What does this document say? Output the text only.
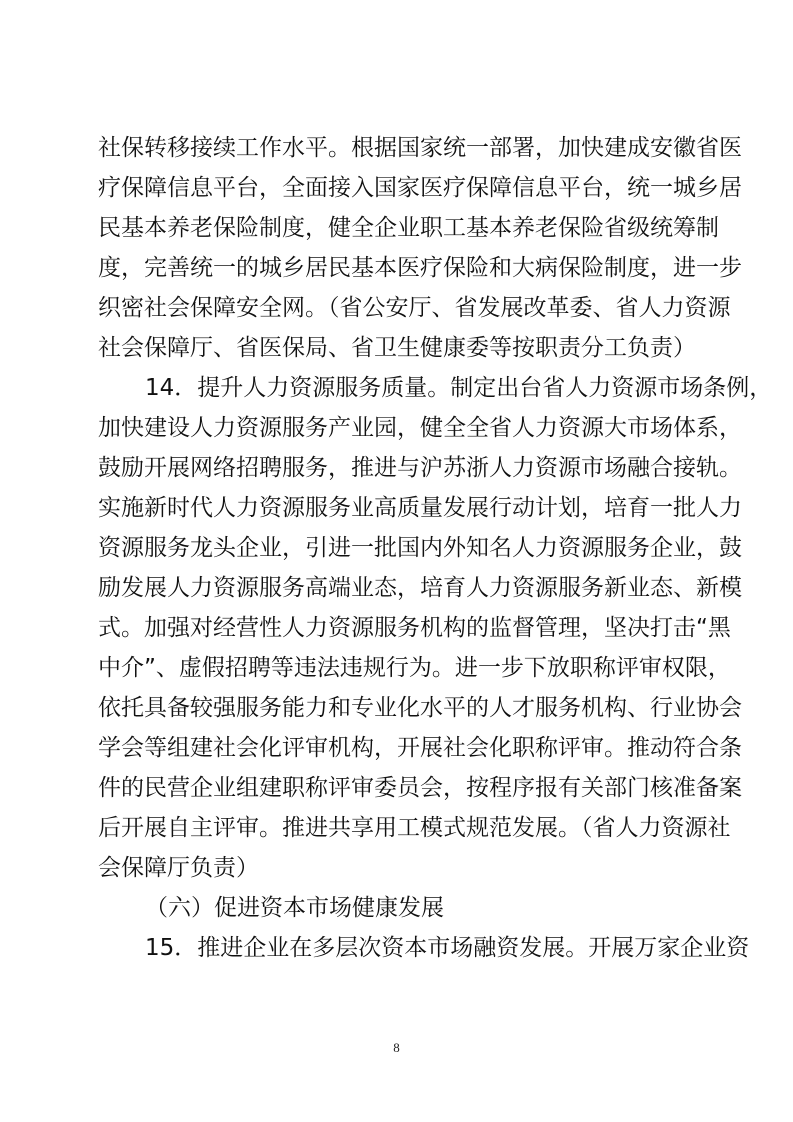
社保转移接续工作水平。根据国家统一部署，加快建成安徽省医
疗保障信息平台，全面接入国家医疗保障信息平台，统一城乡居
民基本养老保险制度，健全企业职工基本养老保险省级统筹制
度，完善统一的城乡居民基本医疗保险和大病保险制度，进一步
织密社会保障安全网。（省公安厅、省发展改革委、省人力资源
社会保障厅、省医保局、省卫生健康委等按职责分工负责）
14．提升人力资源服务质量。制定出台省人力资源市场条例，
加快建设人力资源服务产业园，健全全省人力资源大市场体系，
鼓励开展网络招聘服务，推进与沪苏浙人力资源市场融合接轨。
实施新时代人力资源服务业高质量发展行动计划，培育一批人力
资源服务龙头企业，引进一批国内外知名人力资源服务企业，鼓
励发展人力资源服务高端业态，培育人力资源服务新业态、新模
式。加强对经营性人力资源服务机构的监督管理，坚决打击“黑
中介”、虚假招聘等违法违规行为。进一步下放职称评审权限，
依托具备较强服务能力和专业化水平的人才服务机构、行业协会
学会等组建社会化评审机构，开展社会化职称评审。推动符合条
件的民营企业组建职称评审委员会，按程序报有关部门核准备案
后开展自主评审。推进共享用工模式规范发展。（省人力资源社
会保障厅负责）
（六）促进资本市场健康发展
15．推进企业在多层次资本市场融资发展。开展万家企业资
8
